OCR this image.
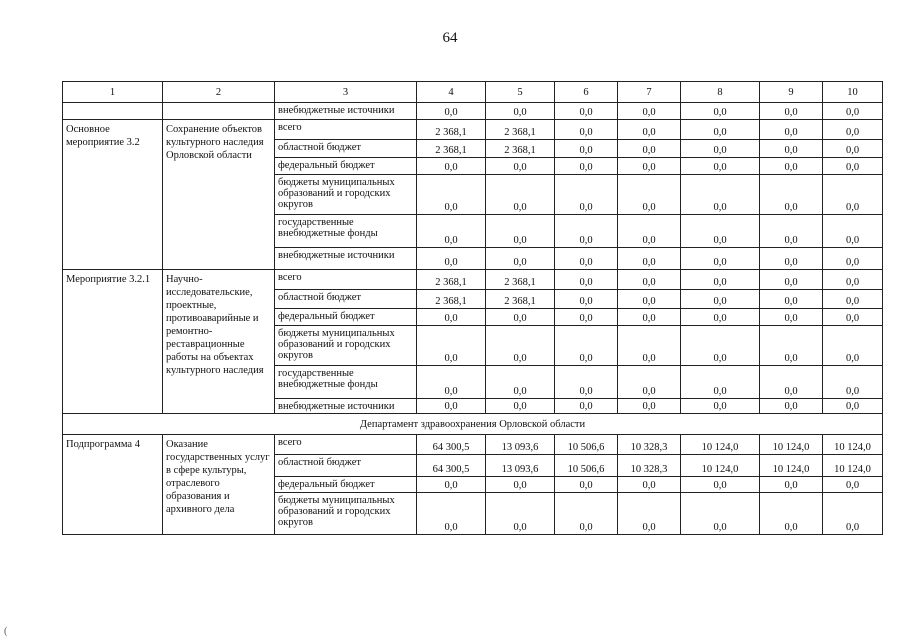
64
1	2	3	4	5	6	7	8	9	10
		внебюджетные источники	0,0	0,0	0,0	0,0	0,0	0,0	0,0
Основное мероприятие 3.2	Сохранение объектов культурного наследия Орловской области	всего	2 368,1	2 368,1	0,0	0,0	0,0	0,0	0,0
		областной бюджет	2 368,1	2 368,1	0,0	0,0	0,0	0,0	0,0
		федеральный бюджет	0,0	0,0	0,0	0,0	0,0	0,0	0,0
		бюджеты муниципальных образований и городских округов	0,0	0,0	0,0	0,0	0,0	0,0	0,0
		государственные внебюджетные фонды	0,0	0,0	0,0	0,0	0,0	0,0	0,0
		внебюджетные источники	0,0	0,0	0,0	0,0	0,0	0,0	0,0
Мероприятие 3.2.1	Научно-исследовательские, проектные, противоаварийные и ремонтно-реставрационные работы на объектах культурного наследия	всего	2 368,1	2 368,1	0,0	0,0	0,0	0,0	0,0
		областной бюджет	2 368,1	2 368,1	0,0	0,0	0,0	0,0	0,0
		федеральный бюджет	0,0	0,0	0,0	0,0	0,0	0,0	0,0
		бюджеты муниципальных образований и городских округов	0,0	0,0	0,0	0,0	0,0	0,0	0,0
		государственные внебюджетные фонды	0,0	0,0	0,0	0,0	0,0	0,0	0,0
		внебюджетные источники	0,0	0,0	0,0	0,0	0,0	0,0	0,0
Департамент здравоохранения Орловской области									
Подпрограмма 4	Оказание государственных услуг в сфере культуры, отраслевого образования и архивного дела	всего	64 300,5	13 093,6	10 506,6	10 328,3	10 124,0	10 124,0	10 124,0
		областной бюджет	64 300,5	13 093,6	10 506,6	10 328,3	10 124,0	10 124,0	10 124,0
		федеральный бюджет	0,0	0,0	0,0	0,0	0,0	0,0	0,0
		бюджеты муниципальных образований и городских округов	0,0	0,0	0,0	0,0	0,0	0,0	0,0
(
